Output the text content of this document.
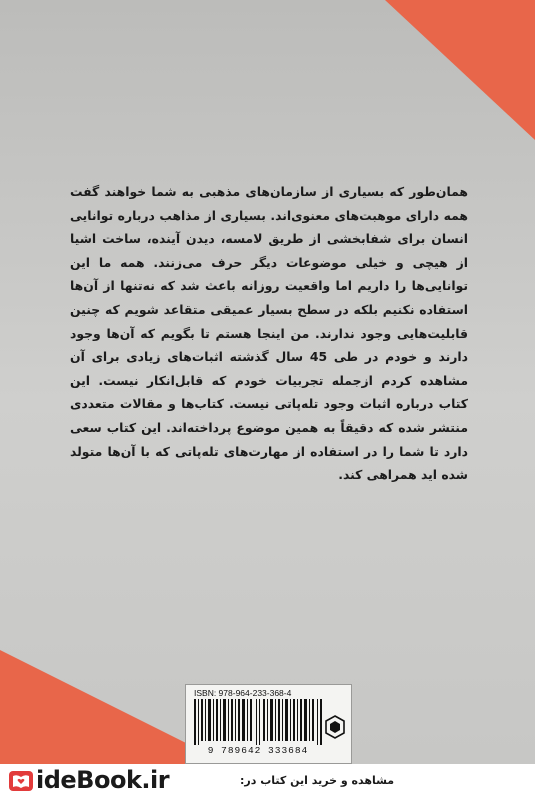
همان‌طور که بسیاری از سازمان‌های مذهبی به شما خواهند گفت همه دارای موهبت‌های معنوی‌اند. بسیاری از مذاهب درباره توانایی انسان برای شفابخشی از طریق لامسه، دیدن آینده، ساخت اشیا از هیچی و خیلی موضوعات دیگر حرف می‌زنند. همه ما این توانایی‌ها را داریم اما واقعیت روزانه باعث شد که نه‌تنها از آن‌ها استفاده نکنیم بلکه در سطح بسیار عمیقی متقاعد شویم که چنین قابلیت‌هایی وجود ندارند. من اینجا هستم تا بگویم که آن‌ها وجود دارند و خودم در طی 45 سال گذشته اثبات‌های زیادی برای آن مشاهده کردم ازجمله تجربیات خودم که قابل‌انکار نیست. این کتاب درباره اثبات وجود تله‌پاتی نیست. کتاب‌ها و مقالات متعددی منتشر شده که دقیقاً به همین موضوع پرداخته‌اند. این کتاب سعی دارد تا شما را در استفاده از مهارت‌های تله‌پاتی که با آن‌ها متولد شده اید همراهی کند.

ISBN: 978-964-233-368-4

9 789642 333684

ideBook.ir	مشاهده و خرید این کتاب در:
